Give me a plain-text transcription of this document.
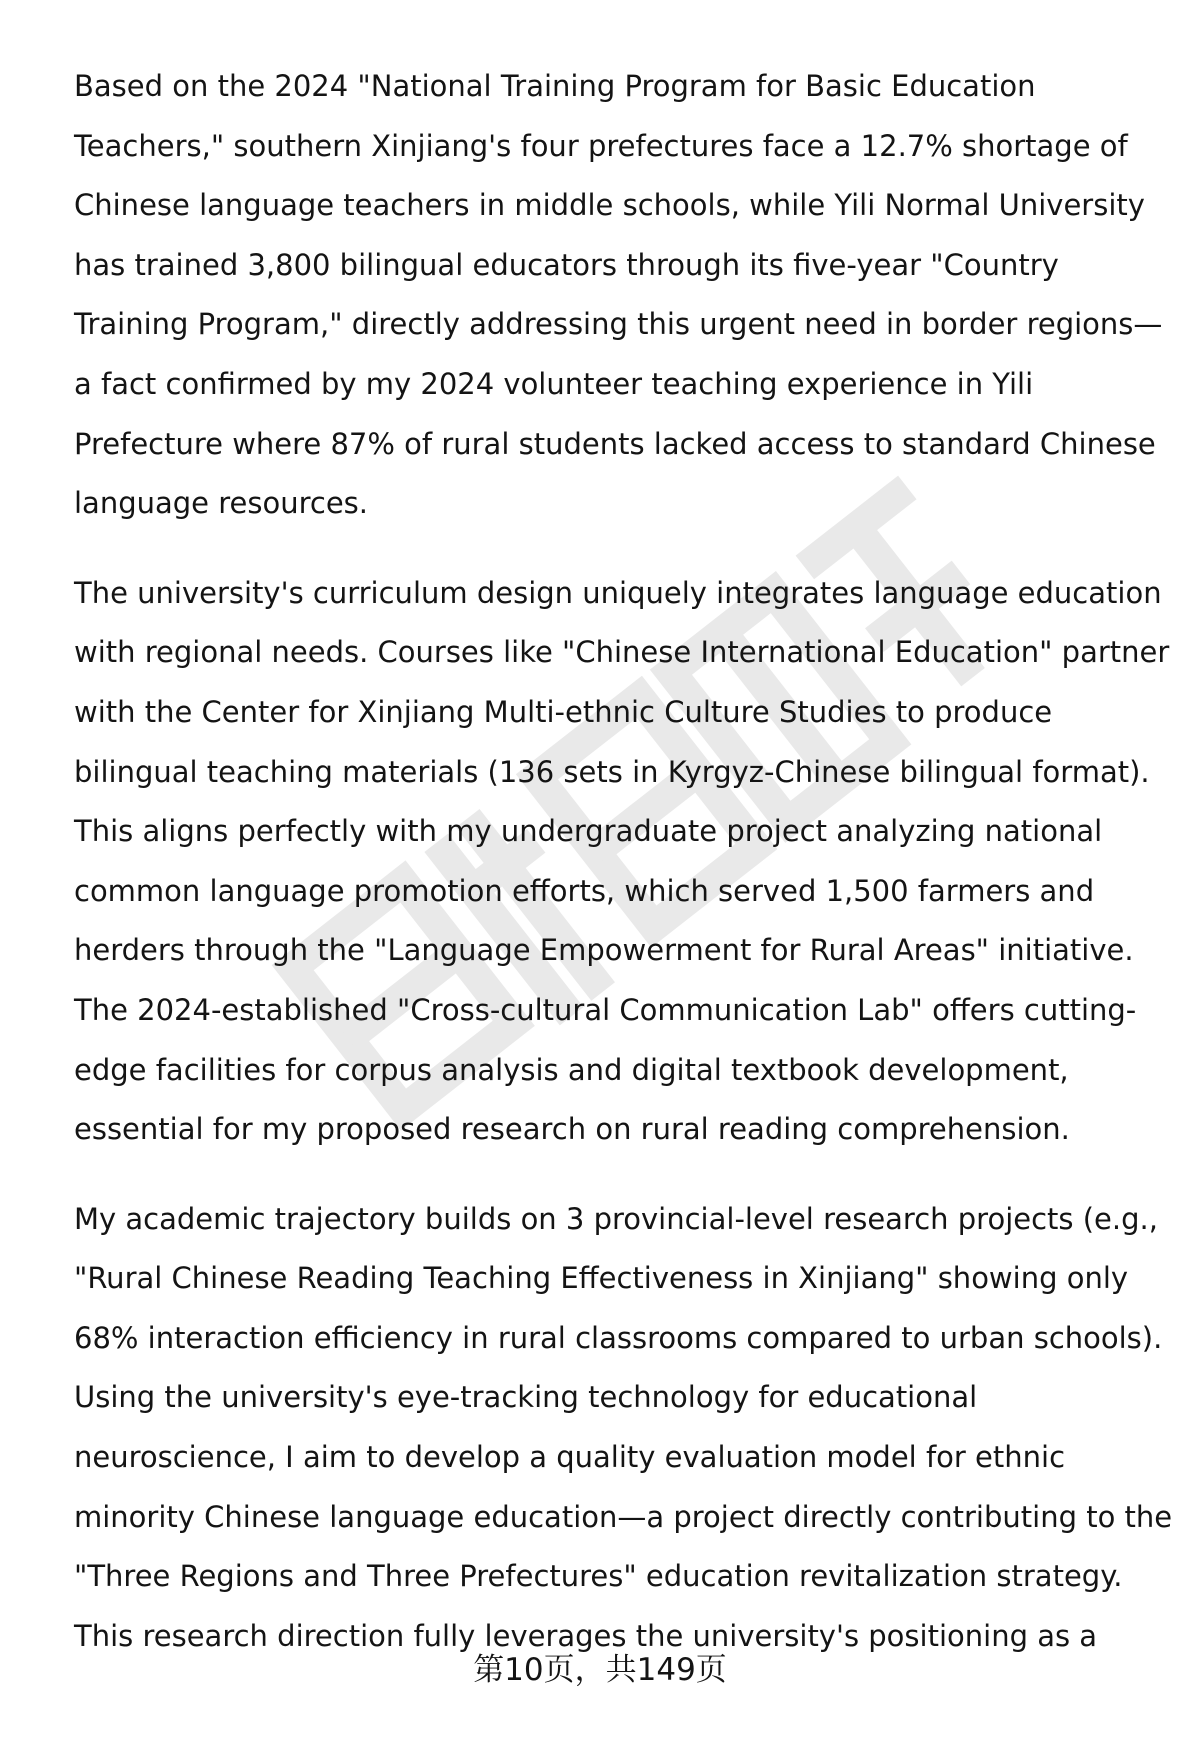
Based on the 2024 "National Training Program for Basic Education
Teachers," southern Xinjiang's four prefectures face a 12.7% shortage of
Chinese language teachers in middle schools, while Yili Normal University
has trained 3,800 bilingual educators through its five-year "Country
Training Program," directly addressing this urgent need in border regions—
a fact confirmed by my 2024 volunteer teaching experience in Yili
Prefecture where 87% of rural students lacked access to standard Chinese
language resources.
The university's curriculum design uniquely integrates language education
with regional needs. Courses like "Chinese International Education" partner
with the Center for Xinjiang Multi-ethnic Culture Studies to produce
bilingual teaching materials (136 sets in Kyrgyz-Chinese bilingual format).
This aligns perfectly with my undergraduate project analyzing national
common language promotion efforts, which served 1,500 farmers and
herders through the "Language Empowerment for Rural Areas" initiative.
The 2024-established "Cross-cultural Communication Lab" offers cutting-
edge facilities for corpus analysis and digital textbook development,
essential for my proposed research on rural reading comprehension.
My academic trajectory builds on 3 provincial-level research projects (e.g.,
"Rural Chinese Reading Teaching Effectiveness in Xinjiang" showing only
68% interaction efficiency in rural classrooms compared to urban schools).
Using the university's eye-tracking technology for educational
neuroscience, I aim to develop a quality evaluation model for ethnic
minority Chinese language education—a project directly contributing to the
"Three Regions and Three Prefectures" education revitalization strategy.
This research direction fully leverages the university's positioning as a
第10页，共149页
